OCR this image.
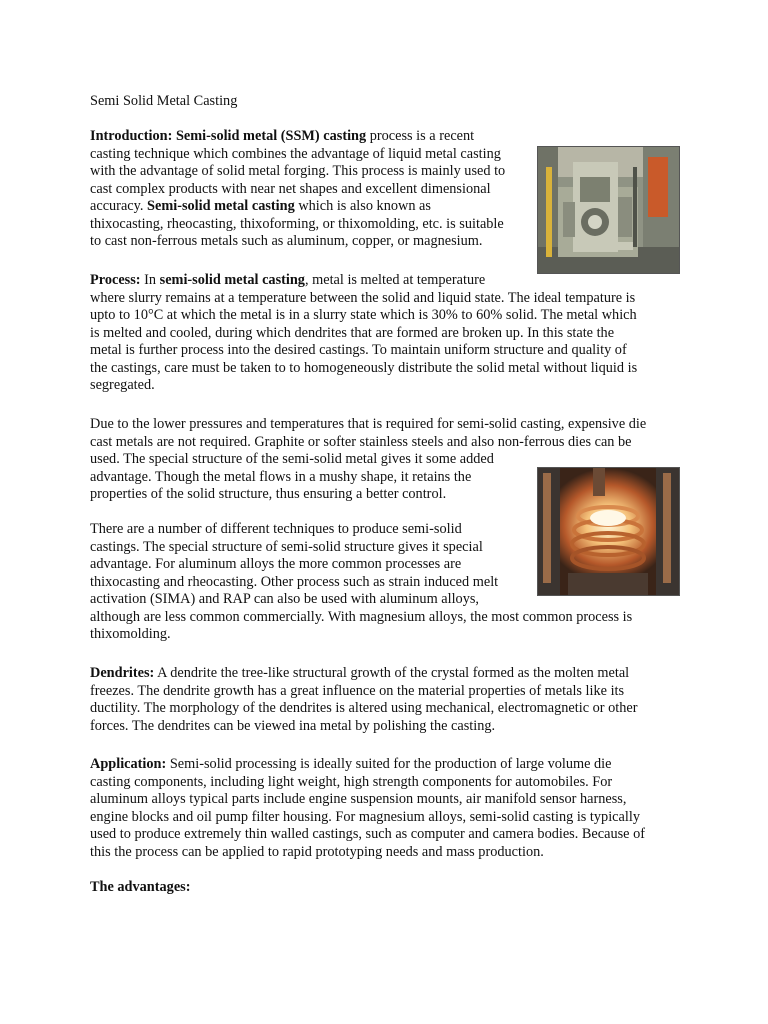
Semi Solid Metal Casting

Introduction: Semi-solid metal (SSM) casting process is a recent
casting technique which combines the advantage of liquid metal casting
with the advantage of solid metal forging. This process is mainly used to
cast complex products with near net shapes and excellent dimensional
accuracy. Semi-solid metal casting which is also known as
thixocasting, rheocasting, thixoforming, or thixomolding, etc. is suitable
to cast non-ferrous metals such as aluminum, copper, or magnesium.
Process: In semi-solid metal casting, metal is melted at temperature
where slurry remains at a temperature between the solid and liquid state. The ideal tempature is
upto to 10°C at which the metal is in a slurry state which is 30% to 60% solid. The metal which
is melted and cooled, during which dendrites that are formed are broken up. In this state the
metal is further process into the desired castings. To maintain uniform structure and quality of
the castings, care must be taken to to homogeneously distribute the solid metal without liquid is
segregated.
Due to the lower pressures and temperatures that is required for semi-solid casting, expensive die
cast metals are not required. Graphite or softer stainless steels and also non-ferrous dies can be
used. The special structure of the semi-solid metal gives it some added
advantage. Though the metal flows in a mushy shape, it retains the
properties of the solid structure, thus ensuring a better control.
There are a number of different techniques to produce semi-solid
castings. The special structure of semi-solid structure gives it special
advantage. For aluminum alloys the more common processes are
thixocasting and rheocasting. Other process such as strain induced melt
activation (SIMA) and RAP can also be used with aluminum alloys,
although are less common commercially. With magnesium alloys, the most common process is
thixomolding.
Dendrites: A dendrite the tree-like structural growth of the crystal formed as the molten metal
freezes. The dendrite growth has a great influence on the material properties of metals like its
ductility. The morphology of the dendrites is altered using mechanical, electromagnetic or other
forces. The dendrites can be viewed ina metal by polishing the casting.
Application: Semi-solid processing is ideally suited for the production of large volume die
casting components, including light weight, high strength components for automobiles. For
aluminum alloys typical parts include engine suspension mounts, air manifold sensor harness,
engine blocks and oil pump filter housing. For magnesium alloys, semi-solid casting is typically
used to produce extremely thin walled castings, such as computer and camera bodies. Because of
this the process can be applied to rapid prototyping needs and mass production.
The advantages:
